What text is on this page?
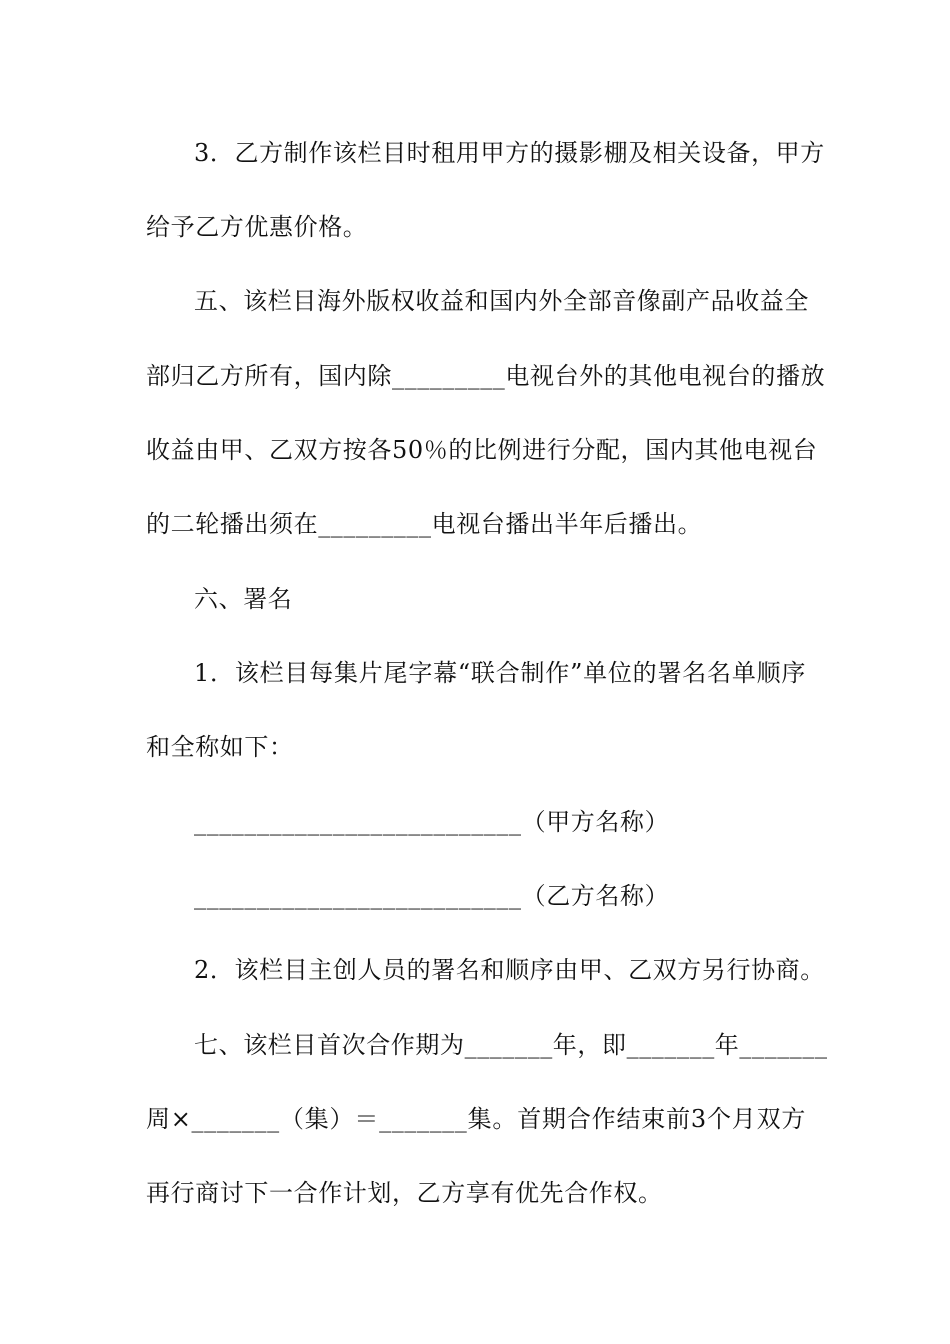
3．乙方制作该栏目时租用甲方的摄影棚及相关设备，甲方
给予乙方优惠价格。
五、该栏目海外版权收益和国内外全部音像副产品收益全
部归乙方所有，国内除_________电视台外的其他电视台的播放
收益由甲、乙双方按各50％的比例进行分配，国内其他电视台
的二轮播出须在_________电视台播出半年后播出。
六、署名
1．该栏目每集片尾字幕“联合制作”单位的署名名单顺序
和全称如下：
__________________________（甲方名称）
__________________________（乙方名称）
2．该栏目主创人员的署名和顺序由甲、乙双方另行协商。
七、该栏目首次合作期为_______年，即_______年_______
周×_______（集）＝_______集。首期合作结束前3个月双方
再行商讨下一合作计划，乙方享有优先合作权。
